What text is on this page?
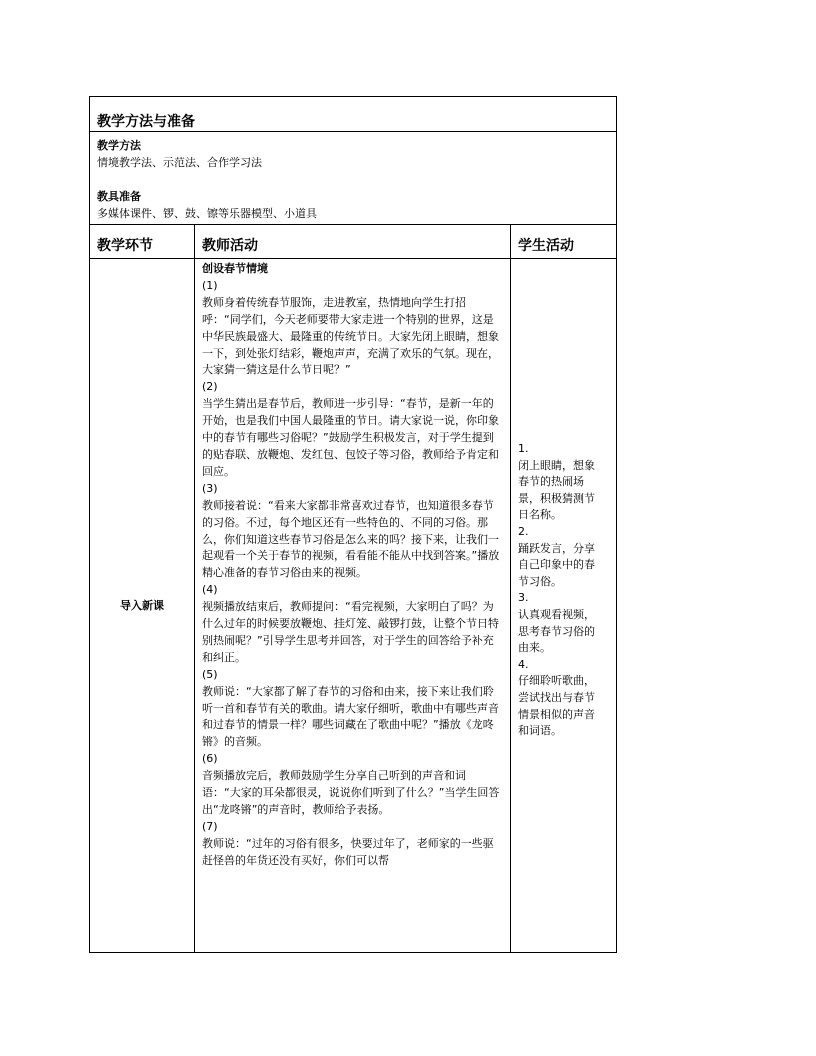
教学方法与准备
教学方法
情境教学法、示范法、合作学习法
教具准备
多媒体课件、锣、鼓、镲等乐器模型、小道具
教学环节	教师活动	学生活动
导入新课
创设春节情境

(1)

教师身着传统春节服饰，走进教室，热情地向学生打招呼：“同学们，今天老师要带大家走进一个特别的世界，这是中华民族最盛大、最隆重的传统节日。大家先闭上眼睛，想象一下，到处张灯结彩，鞭炮声声，充满了欢乐的气氛。现在，大家猜一猜这是什么节日呢？”

(2)

当学生猜出是春节后，教师进一步引导：“春节，是新一年的开始，也是我们中国人最隆重的节日。请大家说一说，你印象中的春节有哪些习俗呢？”鼓励学生积极发言，对于学生提到的贴春联、放鞭炮、发红包、包饺子等习俗，教师给予肯定和回应。

(3)

教师接着说：“看来大家都非常喜欢过春节，也知道很多春节的习俗。不过，每个地区还有一些特色的、不同的习俗。那么，你们知道这些春节习俗是怎么来的吗？接下来，让我们一起观看一个关于春节的视频，看看能不能从中找到答案。”播放精心准备的春节习俗由来的视频。

(4)

视频播放结束后，教师提问：“看完视频，大家明白了吗？为什么过年的时候要放鞭炮、挂灯笼、敲锣打鼓，让整个节日特别热闹呢？”引导学生思考并回答，对于学生的回答给予补充和纠正。

(5)

教师说：“大家都了解了春节的习俗和由来，接下来让我们聆听一首和春节有关的歌曲。请大家仔细听，歌曲中有哪些声音和过春节的情景一样？哪些词藏在了歌曲中呢？”播放《龙咚锵》的音频。

(6)

音频播放完后，教师鼓励学生分享自己听到的声音和词语：“大家的耳朵都很灵，说说你们听到了什么？”当学生回答出“龙咚锵”的声音时，教师给予表扬。

(7)

教师说：“过年的习俗有很多，快要过年了，老师家的一些驱赶怪兽的年货还没有买好，你们可以帮

1.

闭上眼睛，想象春节的热闹场景，积极猜测节日名称。

2.

踊跃发言，分享自己印象中的春节习俗。

3.

认真观看视频，思考春节习俗的由来。

4.

仔细聆听歌曲，尝试找出与春节情景相似的声音和词语。
